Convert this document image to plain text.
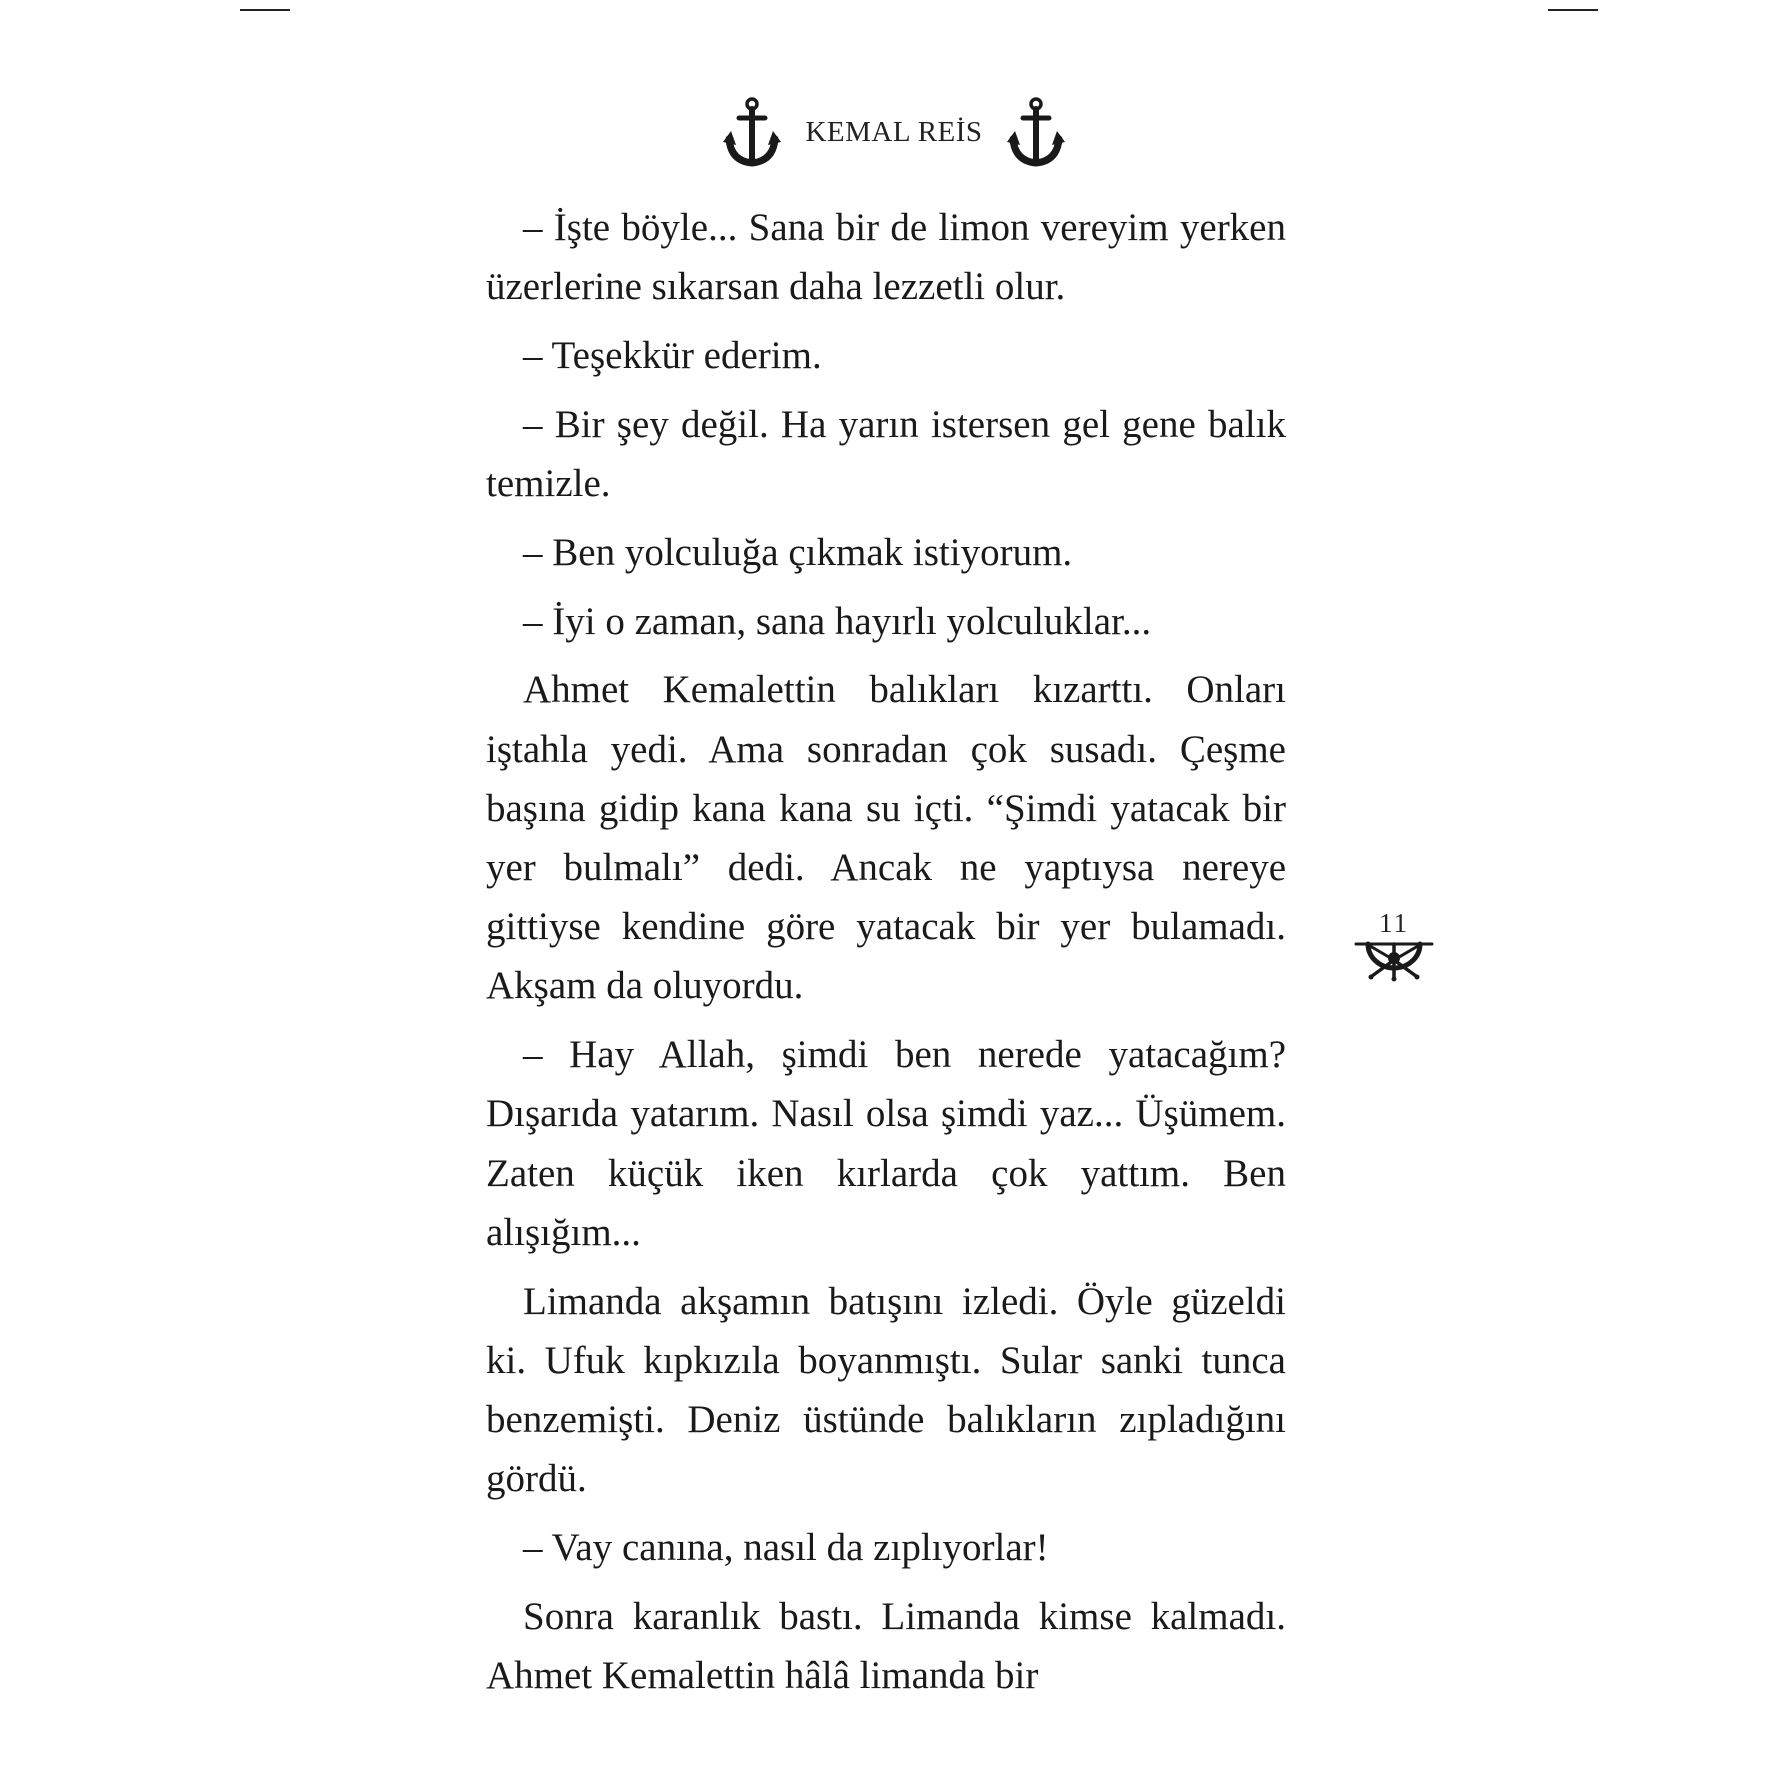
KEMAL REİS

– İşte böyle... Sana bir de limon vereyim yerken üzerlerine sıkarsan daha lezzetli olur.

– Teşekkür ederim.

– Bir şey değil. Ha yarın istersen gel gene balık temizle.

– Ben yolculuğa çıkmak istiyorum.

– İyi o zaman, sana hayırlı yolculuklar...

Ahmet Kemalettin balıkları kızarttı. Onları iştahla yedi. Ama sonradan çok susadı. Çeşme başına gidip kana kana su içti. “Şimdi yatacak bir yer bulmalı” dedi. Ancak ne yaptıysa nereye gittiyse kendine göre yatacak bir yer bulamadı. Akşam da oluyordu.

– Hay Allah, şimdi ben nerede yatacağım? Dışarıda yatarım. Nasıl olsa şimdi yaz... Üşümem. Zaten küçük iken kırlarda çok yattım. Ben alışığım...

Limanda akşamın batışını izledi. Öyle güzeldi ki. Ufuk kıpkızıla boyanmıştı. Sular sanki tunca benzemişti. Deniz üstünde balıkların zıpladığını gördü.

– Vay canına, nasıl da zıplıyorlar!

Sonra karanlık bastı. Limanda kimse kalmadı. Ahmet Kemalettin hâlâ limanda bir

11
